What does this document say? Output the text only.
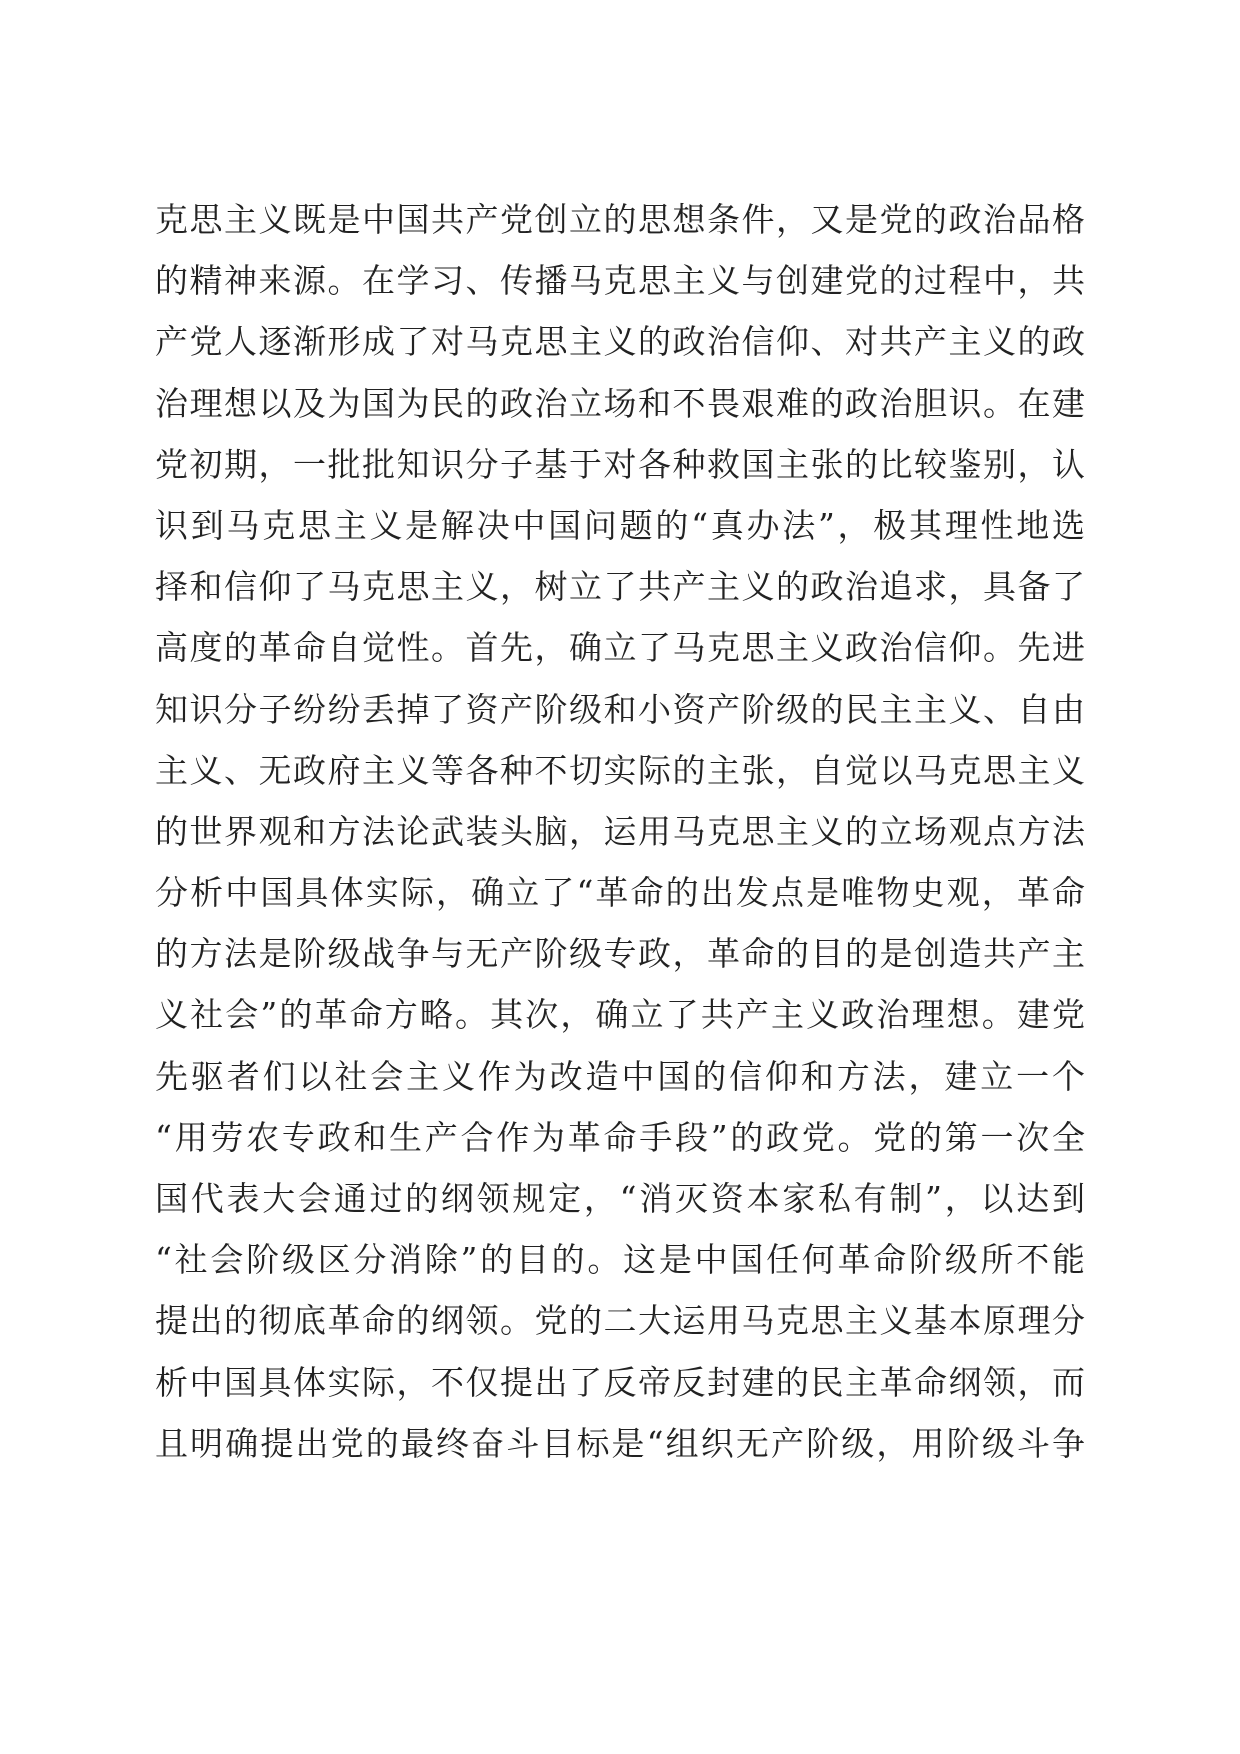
克思主义既是中国共产党创立的思想条件，又是党的政治品格
的精神来源。在学习、传播马克思主义与创建党的过程中，共
产党人逐渐形成了对马克思主义的政治信仰、对共产主义的政
治理想以及为国为民的政治立场和不畏艰难的政治胆识。在建
党初期，一批批知识分子基于对各种救国主张的比较鉴别，认
识到马克思主义是解决中国问题的“真办法”，极其理性地选
择和信仰了马克思主义，树立了共产主义的政治追求，具备了
高度的革命自觉性。首先，确立了马克思主义政治信仰。先进
知识分子纷纷丢掉了资产阶级和小资产阶级的民主主义、自由
主义、无政府主义等各种不切实际的主张，自觉以马克思主义
的世界观和方法论武装头脑，运用马克思主义的立场观点方法
分析中国具体实际，确立了“革命的出发点是唯物史观，革命
的方法是阶级战争与无产阶级专政，革命的目的是创造共产主
义社会”的革命方略。其次，确立了共产主义政治理想。建党
先驱者们以社会主义作为改造中国的信仰和方法，建立一个
“用劳农专政和生产合作为革命手段”的政党。党的第一次全
国代表大会通过的纲领规定，“消灭资本家私有制”，以达到
“社会阶级区分消除”的目的。这是中国任何革命阶级所不能
提出的彻底革命的纲领。党的二大运用马克思主义基本原理分
析中国具体实际，不仅提出了反帝反封建的民主革命纲领，而
且明确提出党的最终奋斗目标是“组织无产阶级，用阶级斗争
